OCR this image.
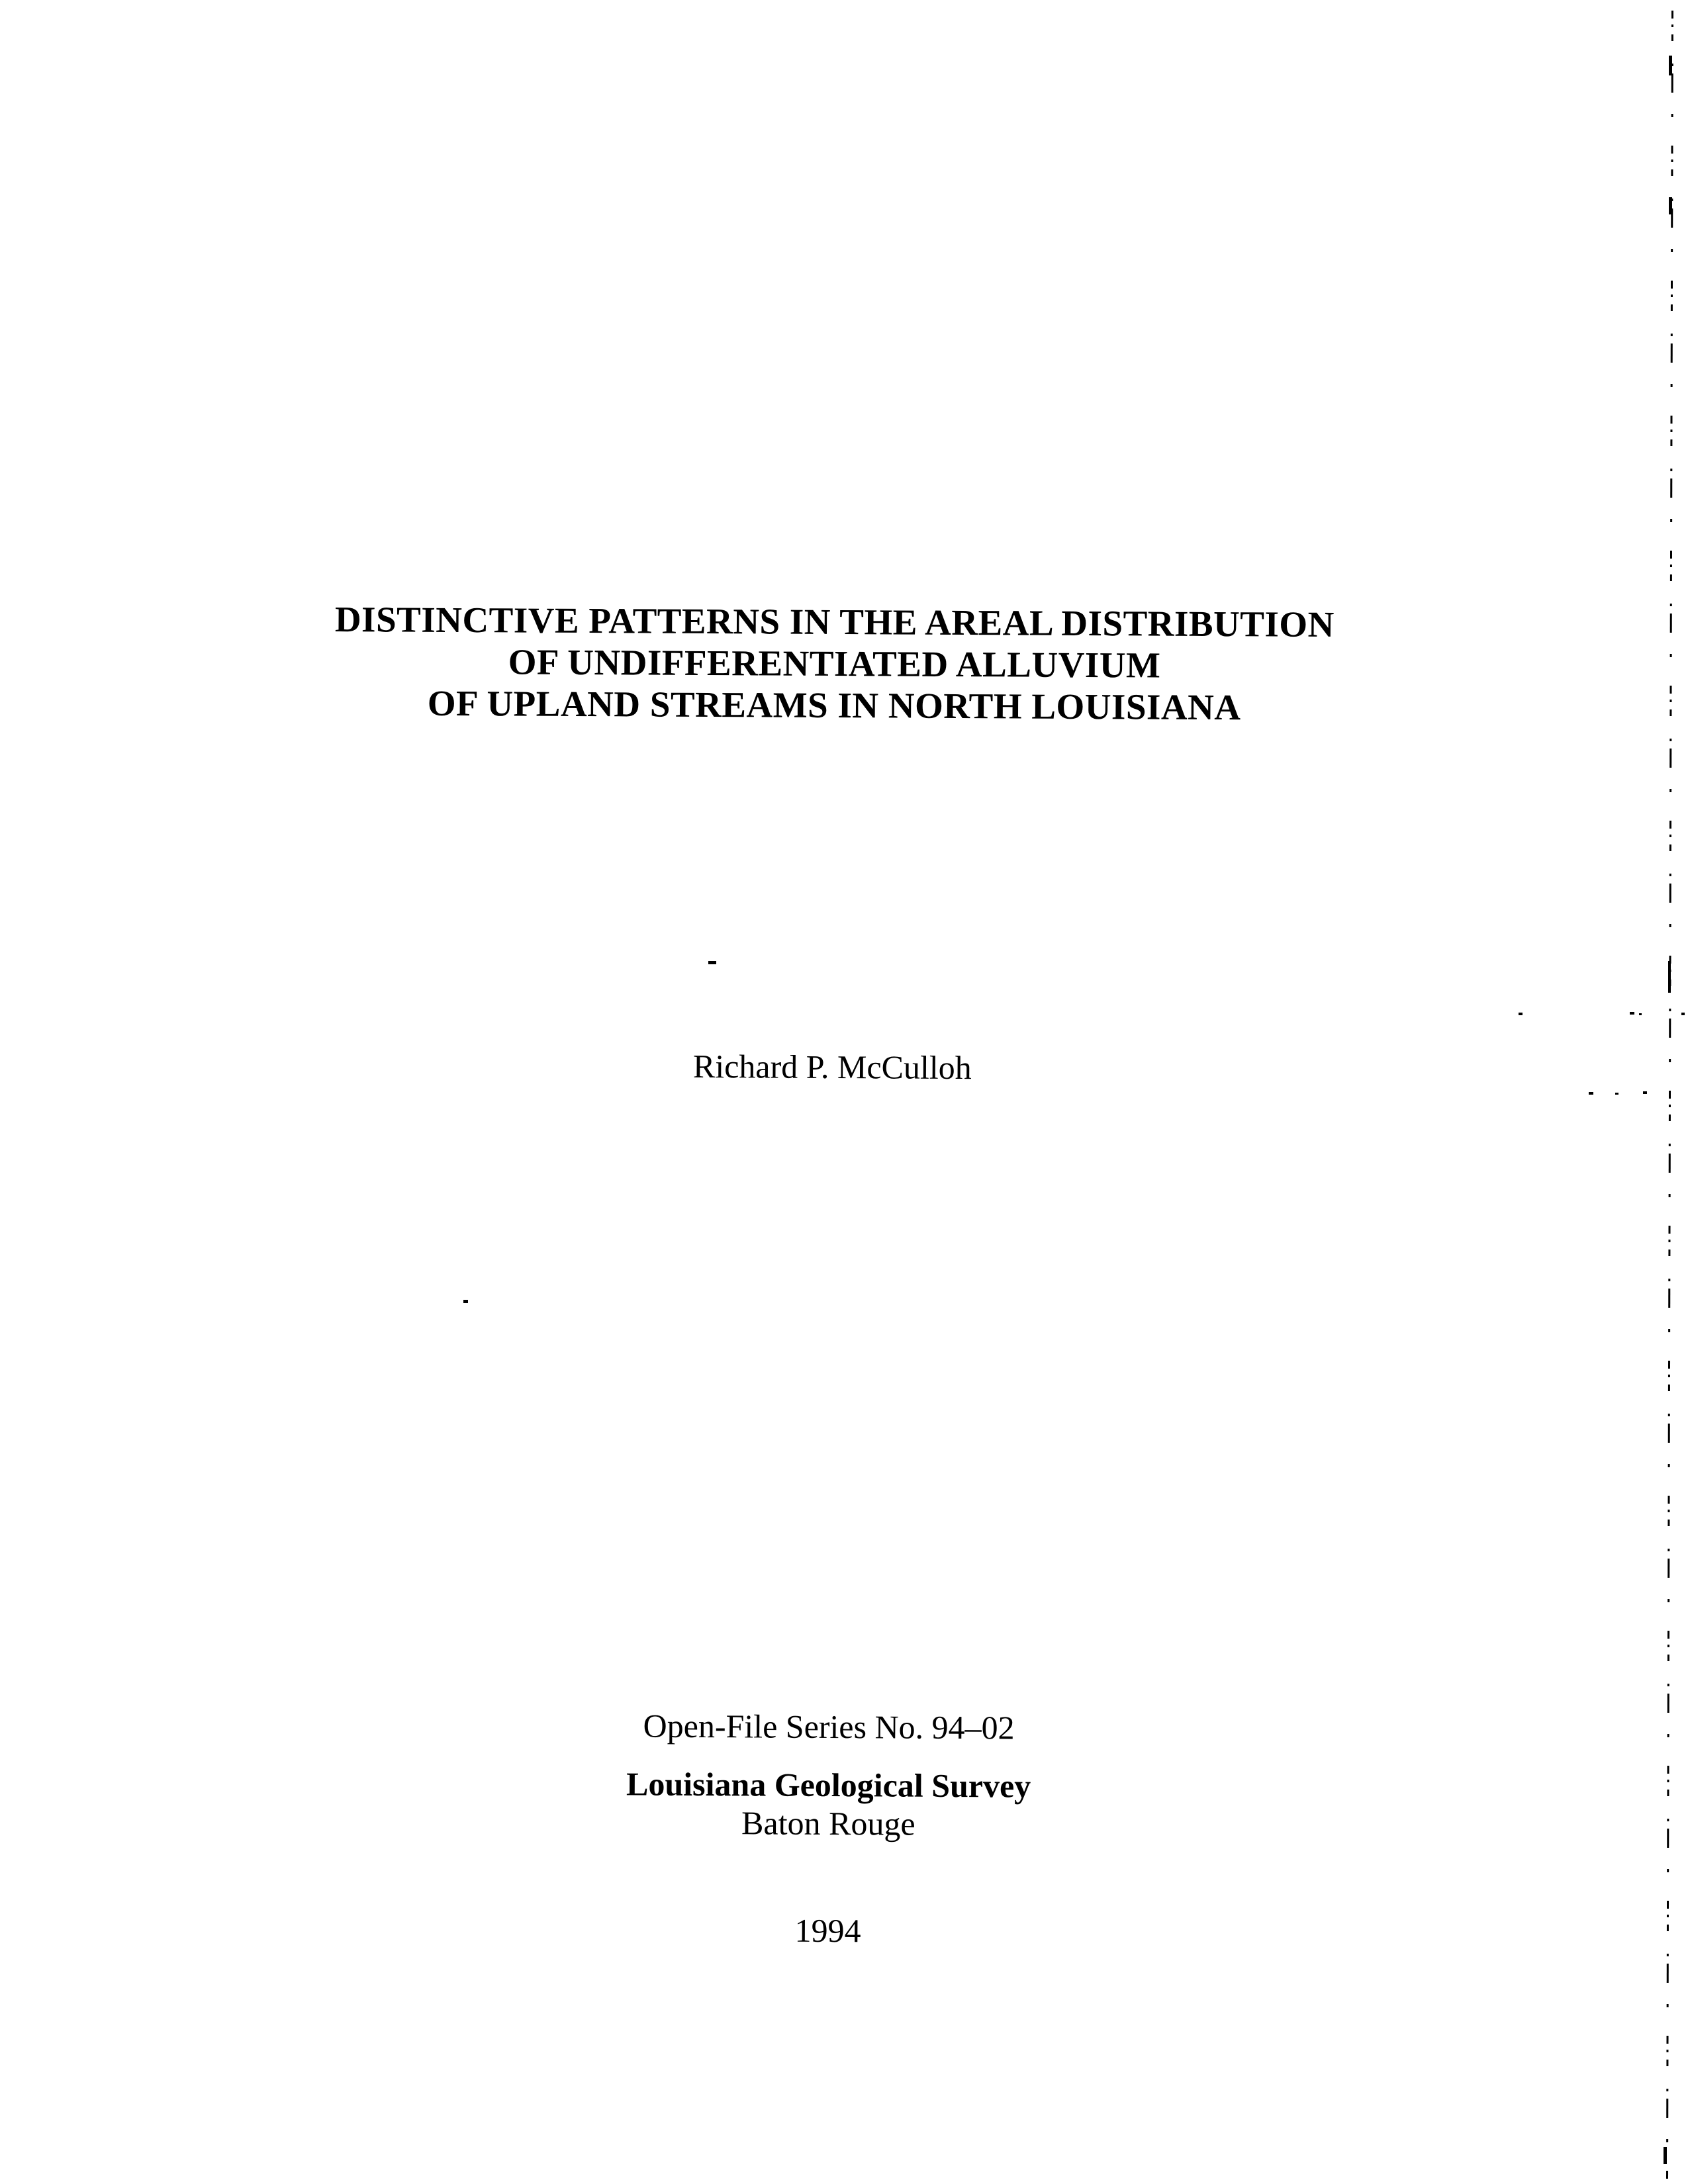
DISTINCTIVE PATTERNS IN THE AREAL DISTRIBUTION
OF UNDIFFERENTIATED ALLUVIUM
OF UPLAND STREAMS IN NORTH LOUISIANA
Richard P. McCulloh
Open-File Series No. 94–02
Louisiana Geological Survey
Baton Rouge
1994
